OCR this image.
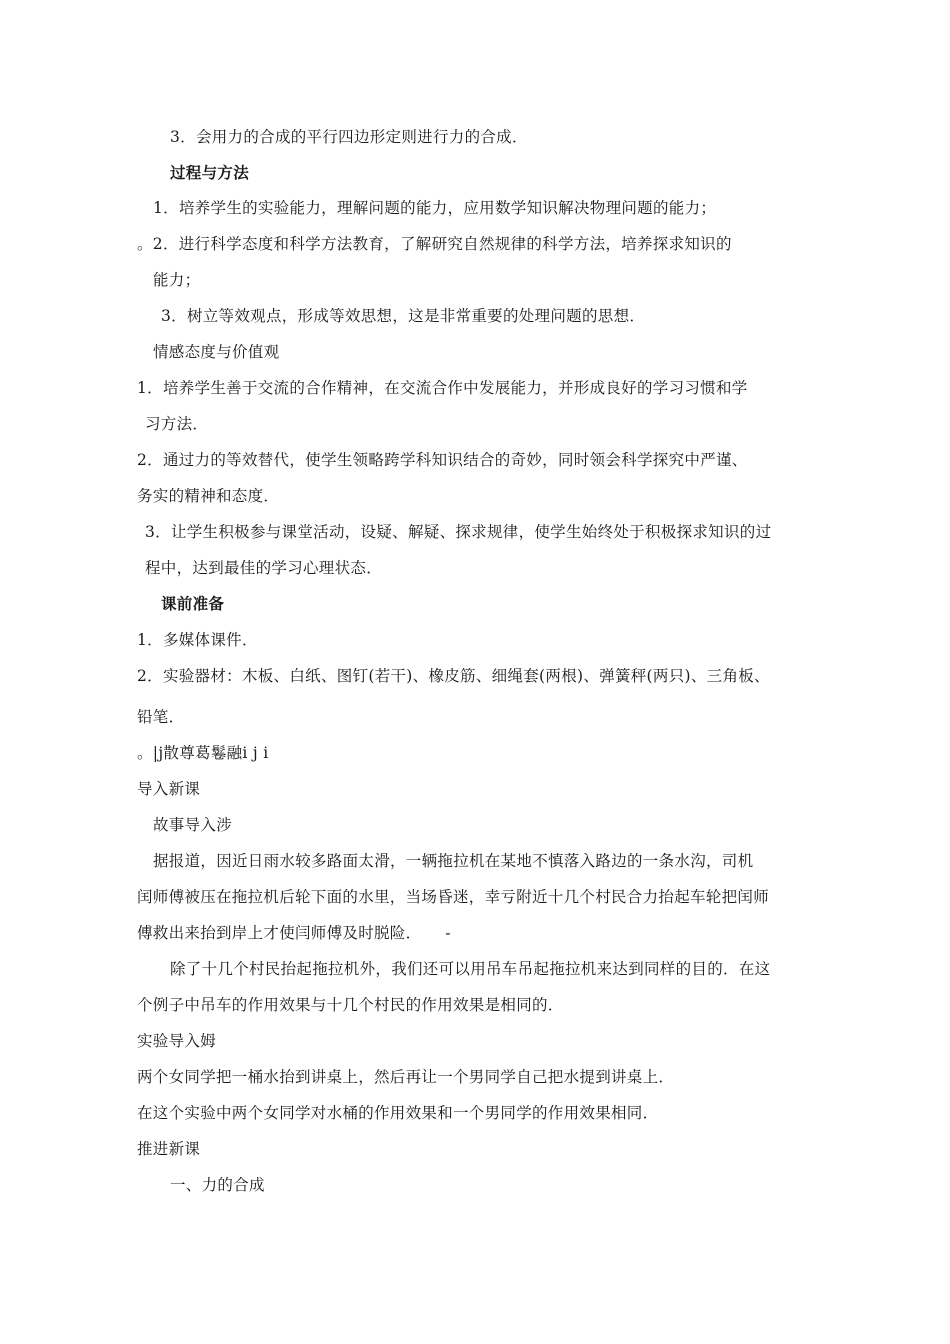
3．会用力的合成的平行四边形定则进行力的合成．

过程与方法

1．培养学生的实验能力，理解问题的能力，应用数学知识解决物理问题的能力；

。2．进行科学态度和科学方法教育，了解研究自然规律的科学方法，培养探求知识的

能力；

3．树立等效观点，形成等效思想，这是非常重要的处理问题的思想．

情感态度与价值观

1．培养学生善于交流的合作精神，在交流合作中发展能力，并形成良好的学习习惯和学

习方法．

2．通过力的等效替代，使学生领略跨学科知识结合的奇妙，同时领会科学探究中严谨、

务实的精神和态度．

3．让学生积极参与课堂活动，设疑、解疑、探求规律，使学生始终处于积极探求知识的过

程中，达到最佳的学习心理状态．

课前准备

1．多媒体课件．

2．实验器材：木板、白纸、图钉(若干)、橡皮筋、细绳套(两根)、弹簧秤(两只)、三角板、

铅笔．

。|j散尊葛鬈融i j i

导入新课

故事导入涉

据报道，因近日雨水较多路面太滑，一辆拖拉机在某地不慎落入路边的一条水沟，司机

闰师傅被压在拖拉机后轮下面的水里，当场昏迷，幸亏附近十几个村民合力抬起车轮把闰师

傅救出来抬到岸上才使闫师傅及时脱险．　　-

除了十几个村民抬起拖拉机外，我们还可以用吊车吊起拖拉机来达到同样的目的．在这

个例子中吊车的作用效果与十几个村民的作用效果是相同的．

实验导入姆

两个女同学把一桶水抬到讲桌上，然后再让一个男同学自己把水提到讲桌上．

在这个实验中两个女同学对水桶的作用效果和一个男同学的作用效果相同．

推进新课

一、力的合成
